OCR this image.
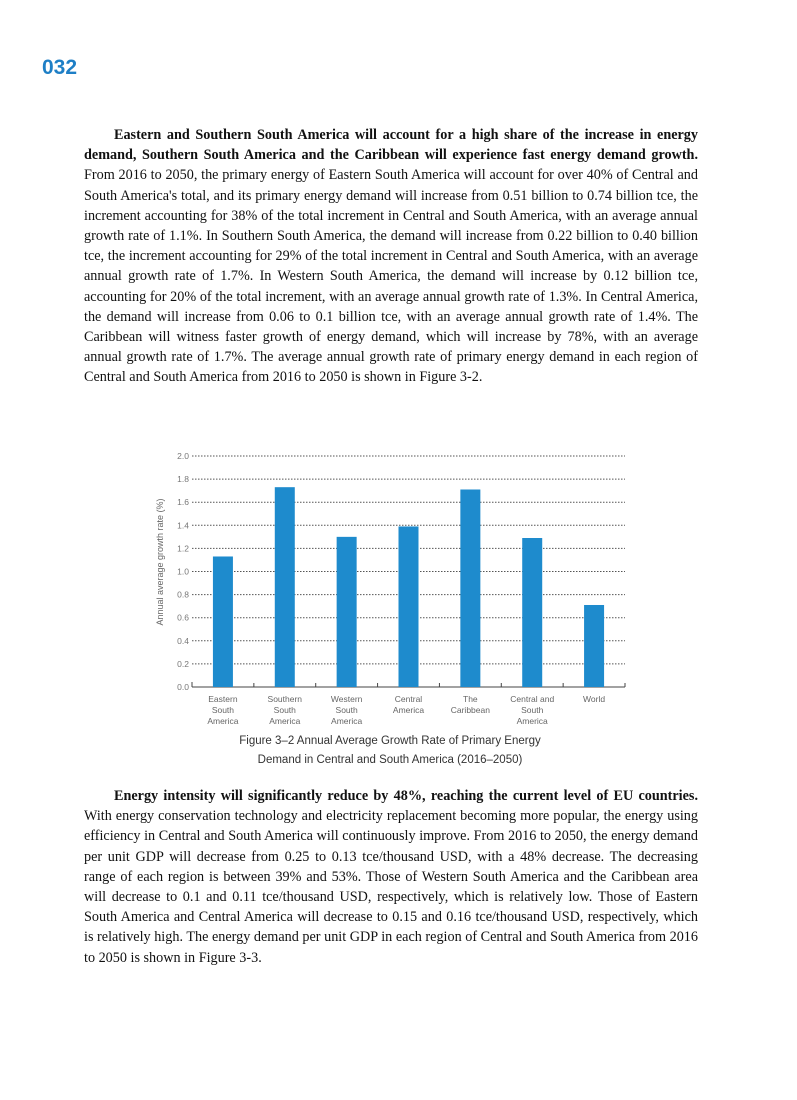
032
Eastern and Southern South America will account for a high share of the increase in energy demand, Southern South America and the Caribbean will experience fast energy demand growth. From 2016 to 2050, the primary energy of Eastern South America will account for over 40% of Central and South America's total, and its primary energy demand will increase from 0.51 billion to 0.74 billion tce, the increment accounting for 38% of the total increment in Central and South America, with an average annual growth rate of 1.1%. In Southern South America, the demand will increase from 0.22 billion to 0.40 billion tce, the increment accounting for 29% of the total increment in Central and South America, with an average annual growth rate of 1.7%. In Western South America, the demand will increase by 0.12 billion tce, accounting for 20% of the total increment, with an average annual growth rate of 1.3%. In Central America, the demand will increase from 0.06 to 0.1 billion tce, with an average annual growth rate of 1.4%. The Caribbean will witness faster growth of energy demand, which will increase by 78%, with an average annual growth rate of 1.7%. The average annual growth rate of primary energy demand in each region of Central and South America from 2016 to 2050 is shown in Figure 3-2.
Annual average growth rate (%)
0.0
0.2
0.4
0.6
0.8
1.0
1.2
1.4
1.6
1.8
2.0
Eastern
South
America
Southern
South
America
Western
South
America
Central
America
The
Caribbean
Central and
South
America
World
Figure 3–2 Annual Average Growth Rate of Primary Energy
Demand in Central and South America (2016–2050)
Energy intensity will significantly reduce by 48%, reaching the current level of EU countries. With energy conservation technology and electricity replacement becoming more popular, the energy using efficiency in Central and South America will continuously improve. From 2016 to 2050, the energy demand per unit GDP will decrease from 0.25 to 0.13 tce/thousand USD, with a 48% decrease. The decreasing range of each region is between 39% and 53%. Those of Western South America and the Caribbean area will decrease to 0.1 and 0.11 tce/thousand USD, respectively, which is relatively low. Those of Eastern South America and Central America will decrease to 0.15 and 0.16 tce/thousand USD, respectively, which is relatively high. The energy demand per unit GDP in each region of Central and South America from 2016 to 2050 is shown in Figure 3-3.
